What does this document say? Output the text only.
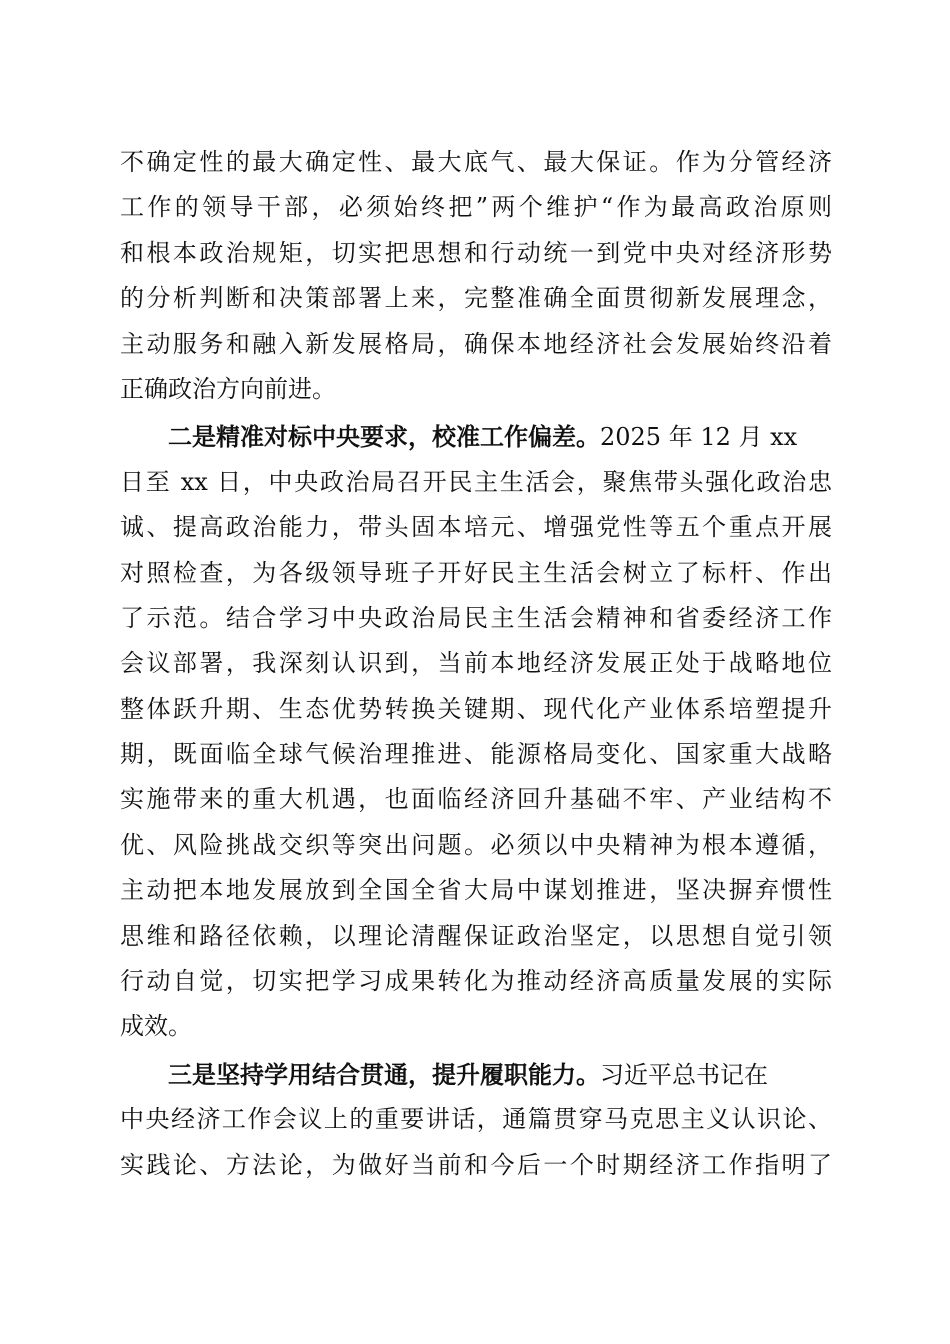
不确定性的最大确定性、最大底气、最大保证。作为分管经济
工作的领导干部，必须始终把”两个维护“作为最高政治原则
和根本政治规矩，切实把思想和行动统一到党中央对经济形势
的分析判断和决策部署上来，完整准确全面贯彻新发展理念，
主动服务和融入新发展格局，确保本地经济社会发展始终沿着
正确政治方向前进。
二是精准对标中央要求，校准工作偏差。2025 年 12 月 xx
日至 xx 日，中央政治局召开民主生活会，聚焦带头强化政治忠
诚、提高政治能力，带头固本培元、增强党性等五个重点开展
对照检查，为各级领导班子开好民主生活会树立了标杆、作出
了示范。结合学习中央政治局民主生活会精神和省委经济工作
会议部署，我深刻认识到，当前本地经济发展正处于战略地位
整体跃升期、生态优势转换关键期、现代化产业体系培塑提升
期，既面临全球气候治理推进、能源格局变化、国家重大战略
实施带来的重大机遇，也面临经济回升基础不牢、产业结构不
优、风险挑战交织等突出问题。必须以中央精神为根本遵循，
主动把本地发展放到全国全省大局中谋划推进，坚决摒弃惯性
思维和路径依赖，以理论清醒保证政治坚定，以思想自觉引领
行动自觉，切实把学习成果转化为推动经济高质量发展的实际
成效。
三是坚持学用结合贯通，提升履职能力。习近平总书记在
中央经济工作会议上的重要讲话，通篇贯穿马克思主义认识论、
实践论、方法论，为做好当前和今后一个时期经济工作指明了
